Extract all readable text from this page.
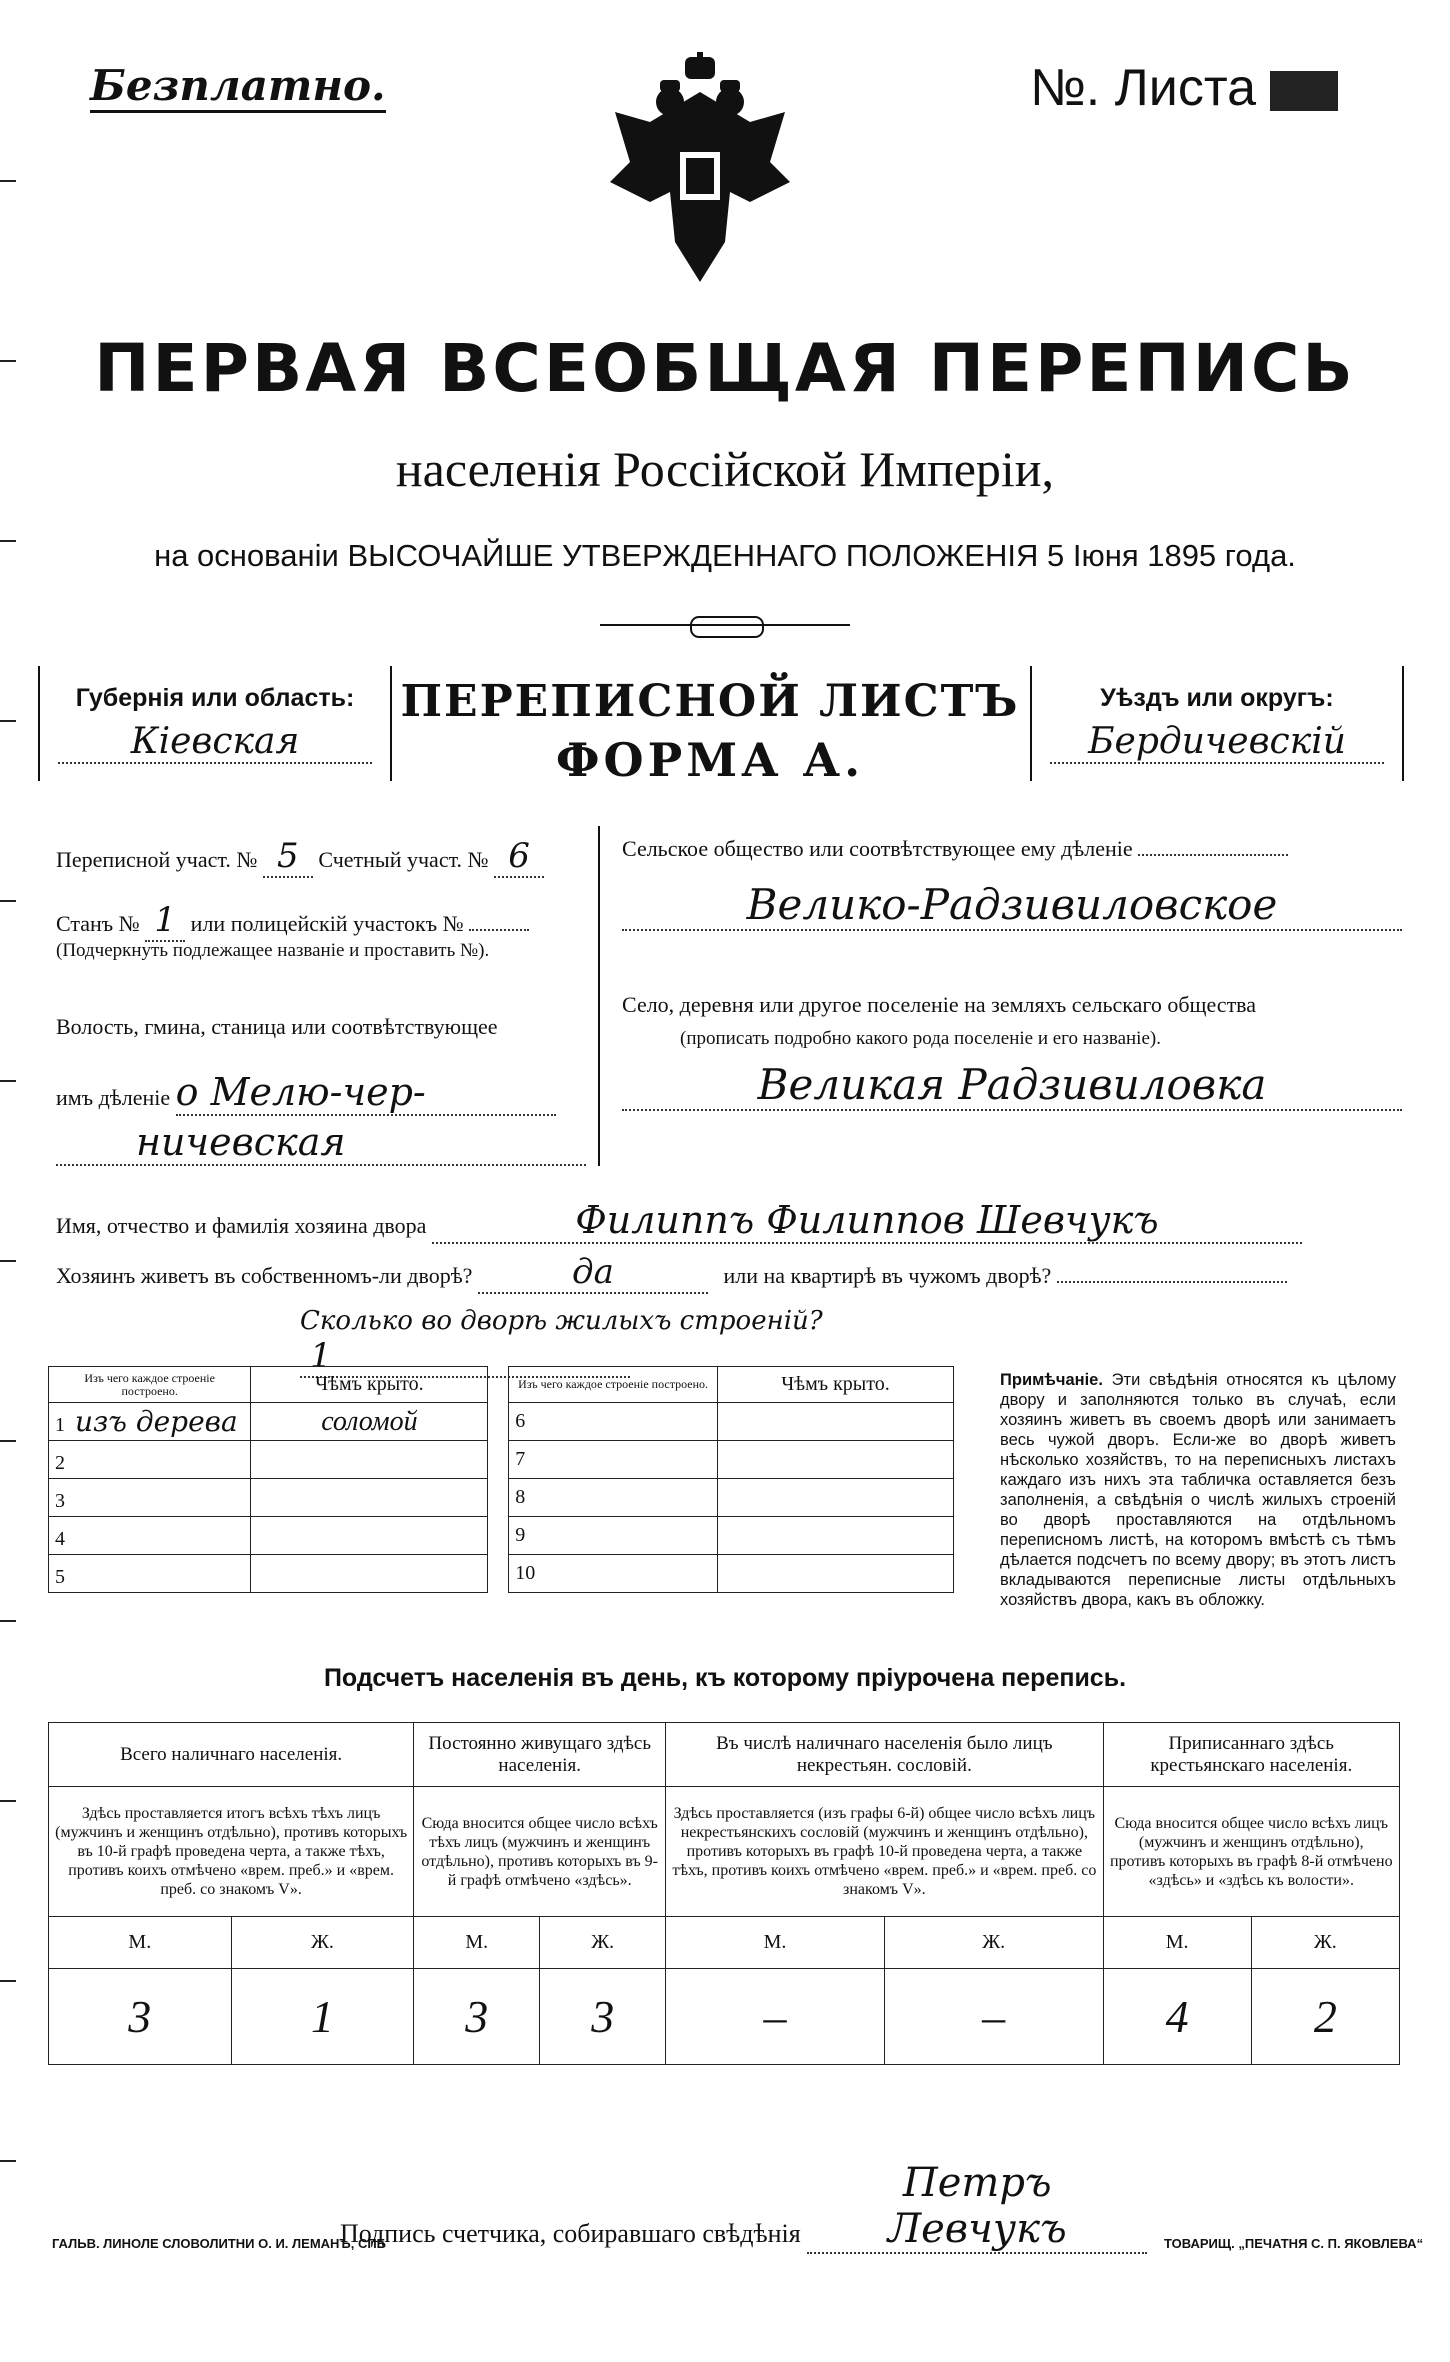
Безплатно.	№. Листа
ПЕРВАЯ ВСЕОБЩАЯ ПЕРЕПИСЬ
населенія Россійской Имперіи,
на основаніи ВЫСОЧАЙШЕ УТВЕРЖДЕННАГО ПОЛОЖЕНІЯ 5 Іюня 1895 года.
Губернія или область:
Кіевская
ПЕРЕПИСНОЙ ЛИСТЪ
ФОРМА А.
Уѣздъ или округъ:
Бердичевскій
Переписной участ. № 5 Счетный участ. № 6
Станъ № 1 или полицейскій участокъ №
(Подчеркнуть подлежащее названіе и проставить №).
Волость, гмина, станица или соотвѣтствующее
имъ дѣленіе о Мелю-чер-
ничевская
Сельское общество или соотвѣтствующее ему дѣленіе
Велико-Радзивиловское
Село, деревня или другое поселеніе на земляхъ сельскаго общества
(прописать подробно какого рода поселеніе и его названіе).
Великая Радзивиловка
Имя, отчество и фамилія хозяина двора	Филиппъ Филиппов Шевчукъ
Хозяинъ живетъ въ собственномъ-ли дворѣ?	да	или на квартирѣ въ чужомъ дворѣ?
Сколько во дворѣ жилыхъ строеній? 1
Изъ чего каждое строеніе построено.	Чѣмъ крыто.		Изъ чего каждое строеніе построено.	Чѣмъ крыто.
1 изъ дерева	соломой		6	
2			7	
3			8	
4			9	
5			10	
Примѣчаніе. Эти свѣдѣнія относятся къ цѣлому двору и заполняются только въ случаѣ, если хозяинъ живетъ въ своемъ дворѣ или занимаетъ весь чужой дворъ. Если-же во дворѣ живетъ нѣсколько хозяйствъ, то на переписныхъ листахъ каждаго изъ нихъ эта табличка оставляется безъ заполненія, а свѣдѣнія о числѣ жилыхъ строеній во дворѣ проставляются на отдѣльномъ переписномъ листѣ, на которомъ вмѣстѣ съ тѣмъ дѣлается подсчетъ по всему двору; въ этотъ листъ вкладываются переписные листы отдѣльныхъ хозяйствъ двора, какъ въ обложку.
Подсчетъ населенія въ день, къ которому пріурочена перепись.
Всего наличнаго населенія.		Постоянно живущаго здѣсь населенія.		Въ числѣ наличнаго населенія было лицъ некрестьян. сословій.		Приписаннаго здѣсь крестьянскаго населенія.	
Здѣсь проставляется итогъ всѣхъ тѣхъ лицъ (мужчинъ и женщинъ отдѣльно), противъ которыхъ въ 10-й графѣ проведена черта, а также тѣхъ, противъ коихъ отмѣчено «врем. преб.» и «врем. преб. со знакомъ V».		Сюда вносится общее число всѣхъ тѣхъ лицъ (мужчинъ и женщинъ отдѣльно), противъ которыхъ въ 9-й графѣ отмѣчено «здѣсь».		Здѣсь проставляется (изъ графы 6-й) общее число всѣхъ лицъ некрестьянскихъ сословій (мужчинъ и женщинъ отдѣльно), противъ которыхъ въ графѣ 10-й проведена черта, а также тѣхъ, противъ коихъ отмѣчено «врем. преб.» и «врем. преб. со знакомъ V».		Сюда вносится общее число всѣхъ лицъ (мужчинъ и женщинъ отдѣльно), противъ которыхъ въ графѣ 8-й отмѣчено «здѣсь» и «здѣсь къ волости».	
М.	Ж.	М.	Ж.	М.	Ж.	М.	Ж.
3	1	3	3	–	–	4	2
Подпись счетчика, собиравшаго свѣдѣнія Петръ Левчукъ
ГАЛЬВ. ЛИНОЛЕ СЛОВОЛИТНИ О. И. ЛЕМАНЪ, СПБ	ТОВАРИЩ. „ПЕЧАТНЯ С. П. ЯКОВЛЕВА“
